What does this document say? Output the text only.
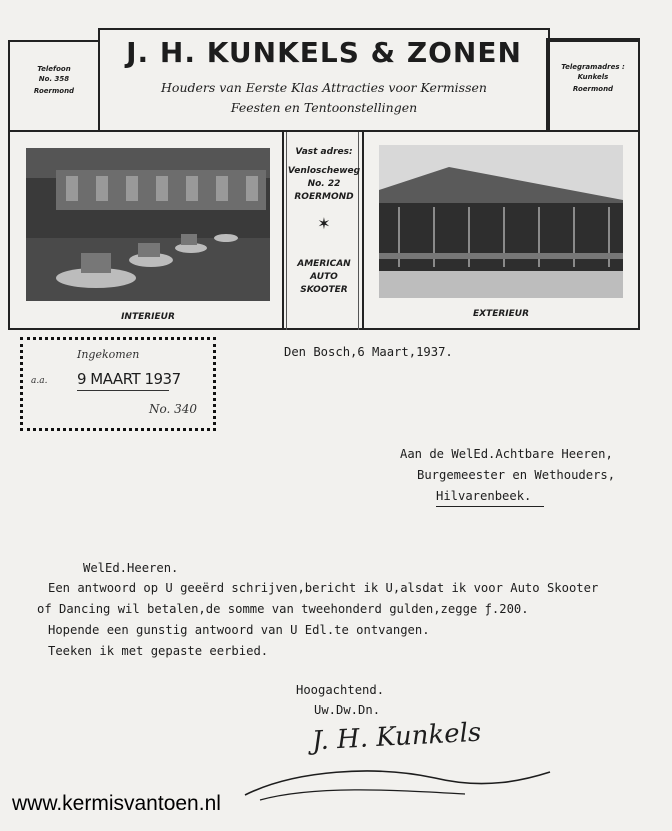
J. H. KUNKELS & ZONEN
Houders van Eerste Klas Attracties voor Kermissen
Feesten en Tentoonstellingen
Telefoon
No. 358
Roermond
Telegramadres :
Kunkels
Roermond
INTERIEUR
Vast adres:
Venloscheweg
No. 22
ROERMOND
✶
AMERICAN
AUTO
SKOOTER
EXTERIEUR
Ingekomen
a.a. 9 MAART 1937
No. 340
Den Bosch,6 Maart,1937.
Aan de WelEd.Achtbare Heeren,
Burgemeester en Wethouders,
Hilvarenbeek.
WelEd.Heeren.
Een antwoord op U geeërd schrijven,bericht ik U,alsdat ik voor Auto Skooter
of Dancing wil betalen,de somme van tweehonderd gulden,zegge ƒ.200.
Hopende een gunstig antwoord van U Edl.te ontvangen.
Teeken ik met gepaste eerbied.
Hoogachtend.
Uw.Dw.Dn.
J. H. Kunkels
www.kermisvantoen.nl
